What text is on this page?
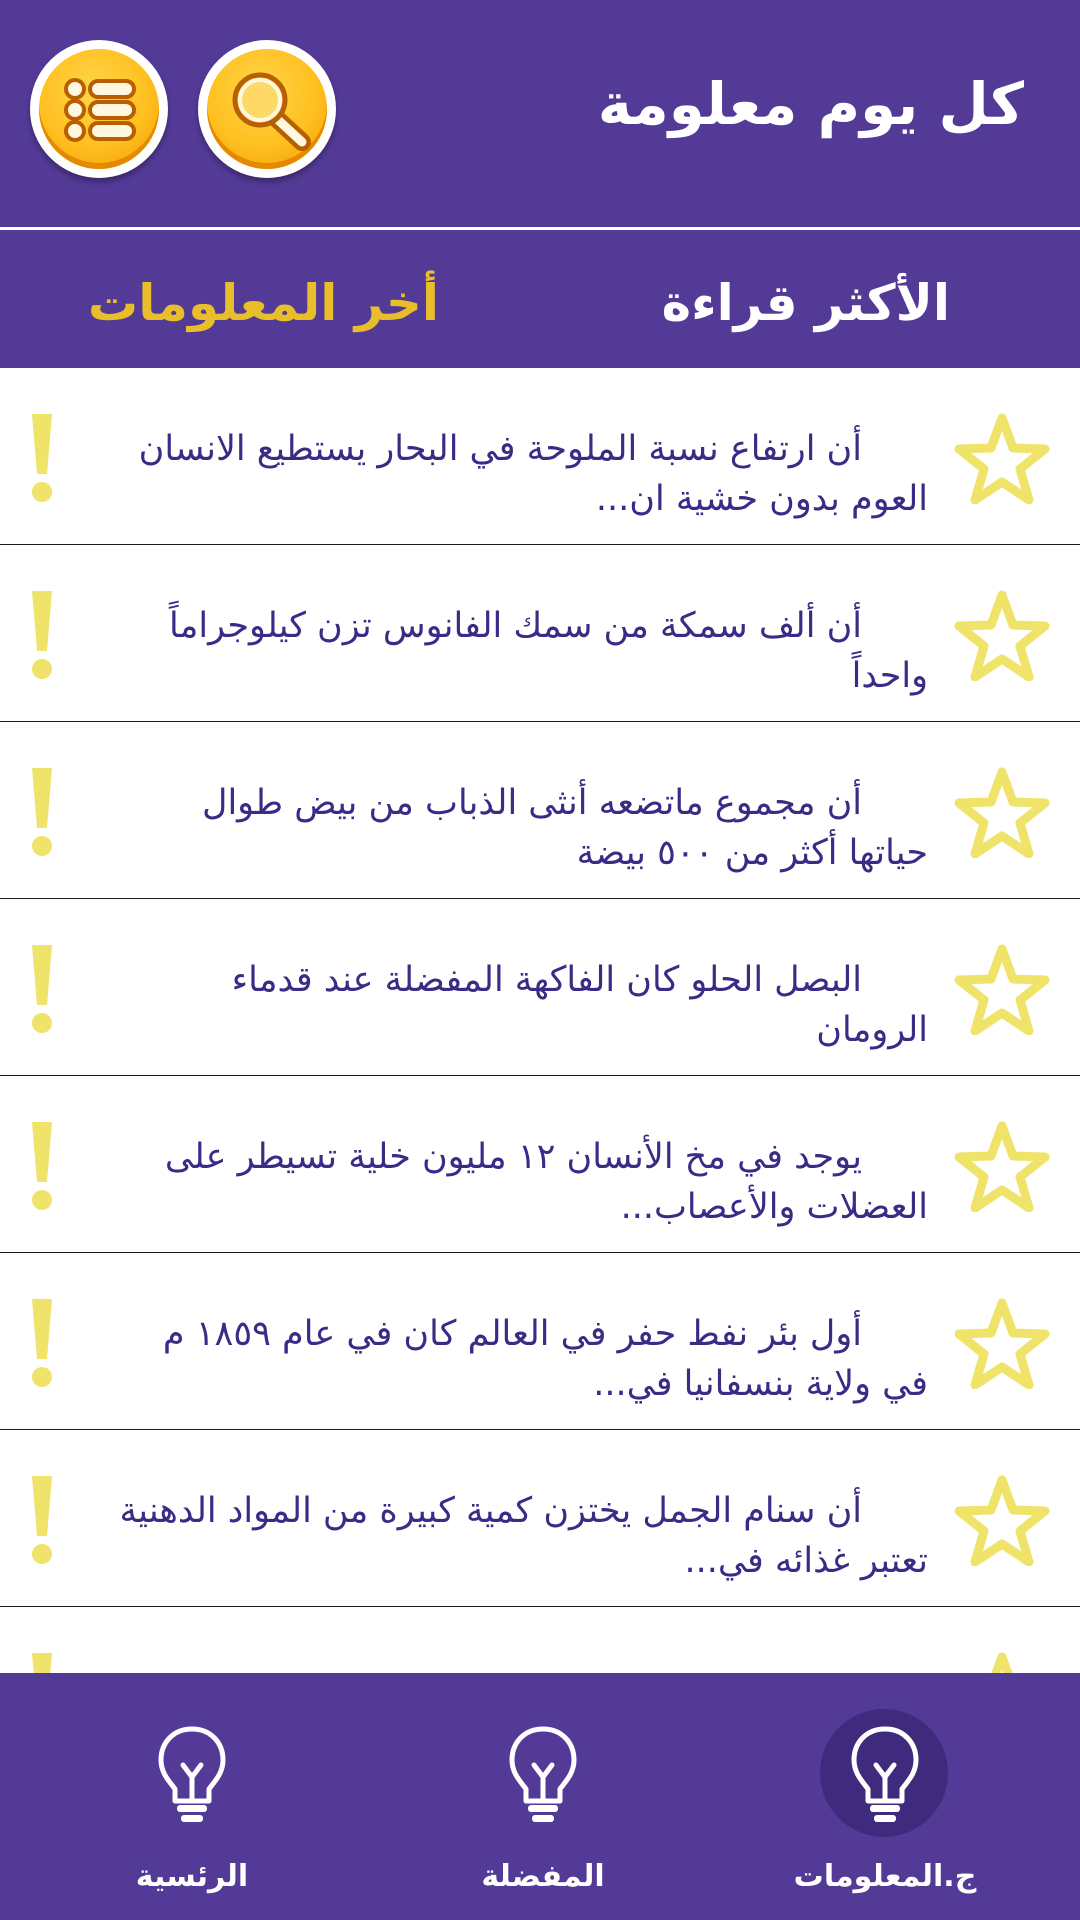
كل يوم معلومة
الأكثر قراءة
أخر المعلومات
أن ارتفاع نسبة الملوحة في البحار يستطيع الانسان العوم بدون خشية ان...
أن ألف سمكة من سمك الفانوس تزن كيلوجراماً واحداً
أن مجموع ماتضعه أنثى الذباب من بيض طوال حياتها أكثر من ٥٠٠ بيضة
البصل الحلو كان الفاكهة المفضلة عند قدماء الرومان
يوجد في مخ الأنسان ١٢ مليون خلية تسيطر على العضلات والأعصاب...
أول بئر نفط حفر في العالم كان في عام ١٨٥٩ م في ولاية بنسفانيا في...
أن سنام الجمل يختزن كمية كبيرة من المواد الدهنية تعتبر غذائه في...
الرئسية	المفضلة	ج.المعلومات
